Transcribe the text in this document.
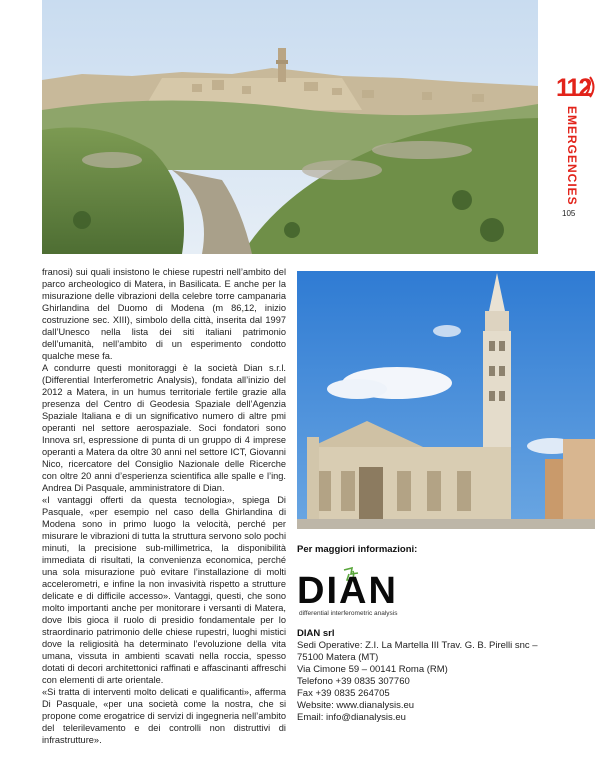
112
EMERGENCIES
105

franosi) sui quali insistono le chiese rupestri nell’ambito del parco archeologico di Matera, in Basilicata. E anche per la misurazione delle vibrazioni della celebre torre campanaria Ghirlandina del Duomo di Modena (m 86,12, inizio costruzione sec. XIII), simbolo della città, inserita dal 1997 dall’Unesco nella lista dei siti italiani patrimonio dell’umanità, nell’ambito di un esperimento condotto qualche mese fa.

A condurre questi monitoraggi è la società Dian s.r.l. (Differential Interferometric Analysis), fondata all’inizio del 2012 a Matera, in un humus territoriale fertile grazie alla presenza del Centro di Geodesia Spaziale dell’Agenzia Spaziale Italiana e di un significativo numero di altre pmi operanti nel settore aerospaziale. Soci fondatori sono Innova srl, espressione di punta di un gruppo di 4 imprese operanti a Matera da oltre 30 anni nel settore ICT, Giovanni Nico, ricercatore del Consiglio Nazionale delle Ricerche con oltre 20 anni d’esperienza scientifica alle spalle e l’ing. Andrea Di Pasquale, amministratore di Dian.

«I vantaggi offerti da questa tecnologia», spiega Di Pasquale, «per esempio nel caso della Ghirlandina di Modena sono in primo luogo la velocità, perché per misurare le vibrazioni di tutta la struttura servono solo pochi minuti, la precisione sub-millimetrica, la disponibilità immediata di risultati, la convenienza economica, perché una sola misurazione può evitare l’installazione di molti accelerometri, e infine la non invasività rispetto a strutture delicate e di difficile accesso». Vantaggi, questi, che sono molto importanti anche per monitorare i versanti di Matera, dove Ibis gioca il ruolo di presidio fondamentale per lo straordinario patrimonio delle chiese rupestri, luoghi mistici dove la religiosità ha determinato l’evoluzione della vita umana, vissuta in ambienti scavati nella roccia, spesso dotati di decori architettonici raffinati e affascinanti affreschi con elementi di arte orientale.

«Si tratta di interventi molto delicati e qualificanti», afferma Di Pasquale, «per una società come la nostra, che si propone come erogatrice di servizi di ingegneria nell’ambito del telerilevamento e dei controlli non distruttivi di infrastrutture».

Per maggiori informazioni:
DIAN
differential interferometric analysis
DIAN srl
Sedi Operative: Z.I. La Martella III Trav. G. B. Pirelli snc –
75100 Matera (MT)
Via Cimone 59 – 00141 Roma (RM)
Telefono +39 0835 307760
Fax +39 0835 264705
Website: www.dianalysis.eu
Email: info@dianalysis.eu
